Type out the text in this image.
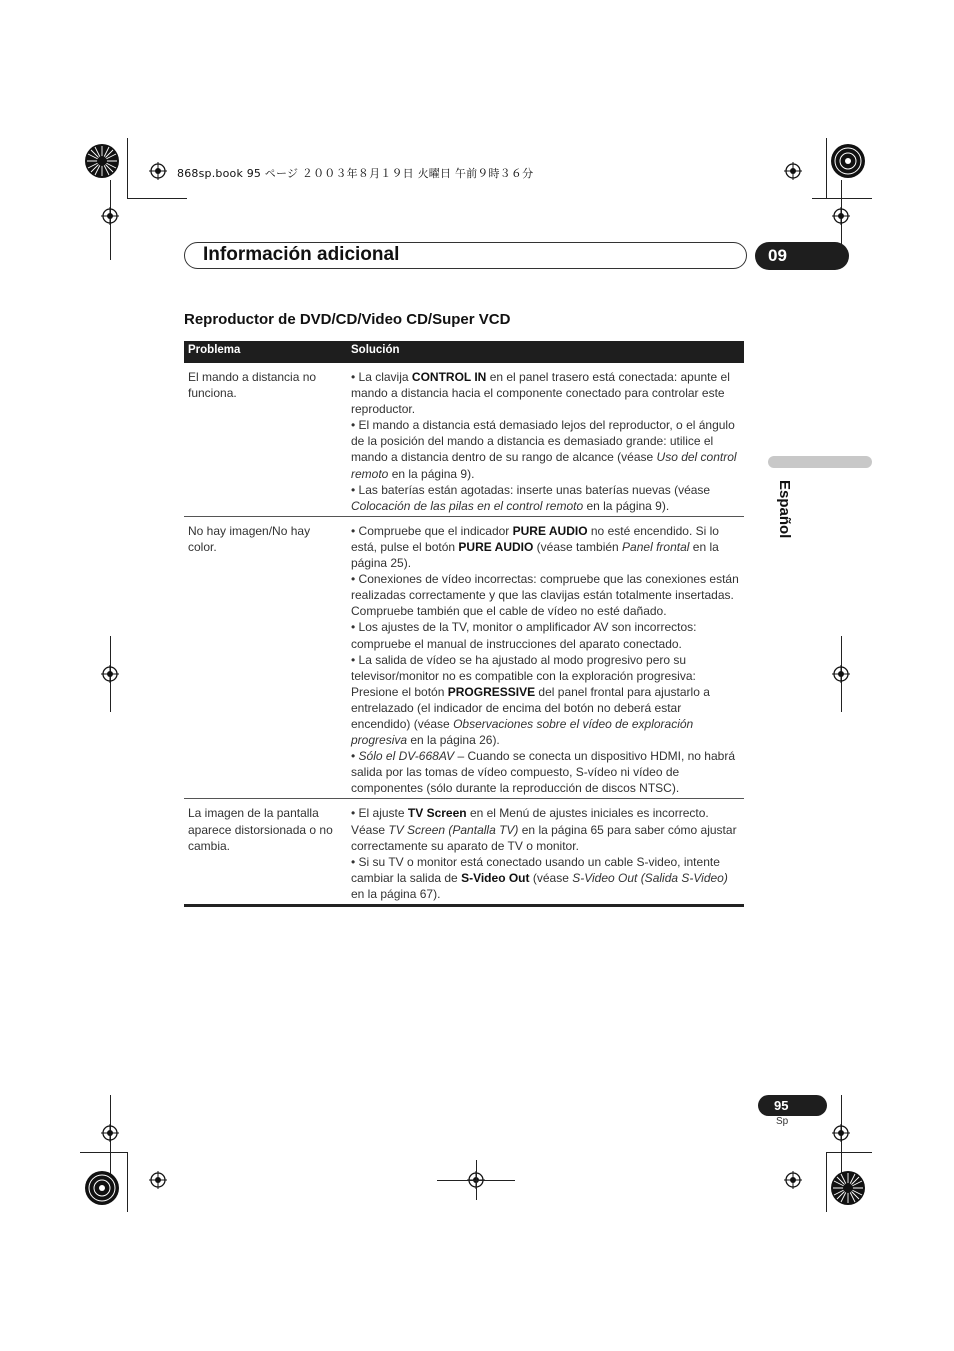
868sp.book 95 ページ ２００３年８月１９日 火曜日 午前９時３６分
Información adicional	09
Español
Reproductor de DVD/CD/Video CD/Super VCD
Problema	Solución
El mando a distancia no funciona.

• La clavija CONTROL IN en el panel trasero está conectada: apunte el mando a distancia hacia el componente conectado para controlar este reproductor.

• El mando a distancia está demasiado lejos del reproductor, o el ángulo de la posición del mando a distancia es demasiado grande: utilice el mando a distancia dentro de su rango de alcance (véase Uso del control remoto en la página 9).

• Las baterías están agotadas: inserte unas baterías nuevas (véase Colocación de las pilas en el control remoto en la página 9).

No hay imagen/No hay color.

• Compruebe que el indicador PURE AUDIO no esté encendido. Si lo está, pulse el botón PURE AUDIO (véase también Panel frontal en la página 25).

• Conexiones de vídeo incorrectas: compruebe que las conexiones están realizadas correctamente y que las clavijas están totalmente insertadas. Compruebe también que el cable de vídeo no esté dañado.

• Los ajustes de la TV, monitor o amplificador AV son incorrectos: compruebe el manual de instrucciones del aparato conectado.

• La salida de vídeo se ha ajustado al modo progresivo pero su televisor/monitor no es compatible con la exploración progresiva: Presione el botón PROGRESSIVE del panel frontal para ajustarlo a entrelazado (el indicador de encima del botón no deberá estar encendido) (véase Observaciones sobre el vídeo de exploración progresiva en la página 26).

• Sólo el DV-668AV – Cuando se conecta un dispositivo HDMI, no habrá salida por las tomas de vídeo compuesto, S-vídeo ni vídeo de componentes (sólo durante la reproducción de discos NTSC).

La imagen de la pantalla aparece distorsionada o no cambia.

• El ajuste TV Screen en el Menú de ajustes iniciales es incorrecto. Véase TV Screen (Pantalla TV) en la página 65 para saber cómo ajustar correctamente su aparato de TV o monitor.

• Si su TV o monitor está conectado usando un cable S-video, intente cambiar la salida de S-Video Out (véase S-Video Out (Salida S-Video) en la página 67).

95
Sp
